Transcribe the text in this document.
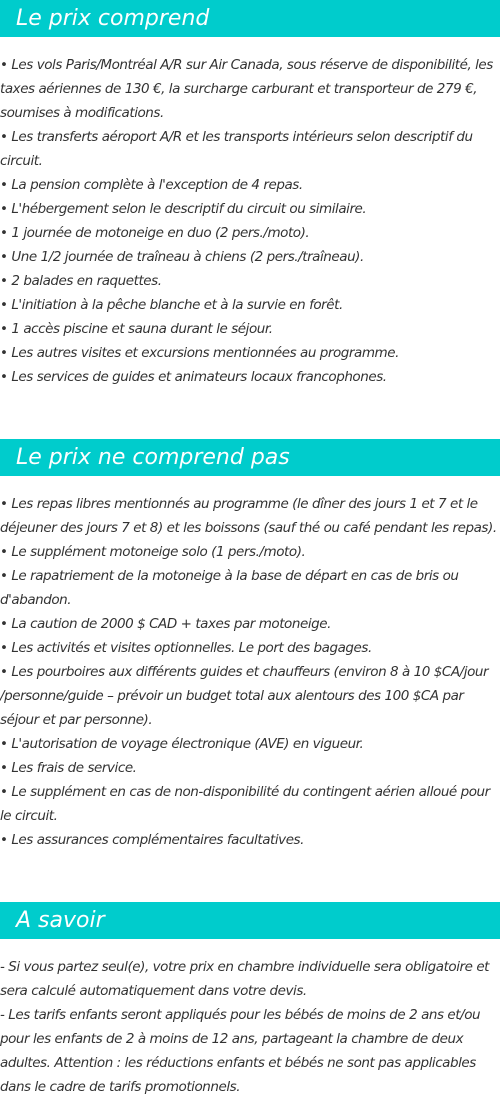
Le prix comprend
• Les vols Paris/Montréal A/R sur Air Canada, sous réserve de disponibilité, les taxes aériennes de 130 €, la surcharge carburant et transporteur de 279 €, soumises à modifications.
• Les transferts aéroport A/R et les transports intérieurs selon descriptif du circuit.
• La pension complète à l'exception de 4 repas.
• L'hébergement selon le descriptif du circuit ou similaire.
• 1 journée de motoneige en duo (2 pers./moto).
• Une 1/2 journée de traîneau à chiens (2 pers./traîneau).
• 2 balades en raquettes.
• L'initiation à la pêche blanche et à la survie en forêt.
• 1 accès piscine et sauna durant le séjour.
• Les autres visites et excursions mentionnées au programme.
• Les services de guides et animateurs locaux francophones.
Le prix ne comprend pas
• Les repas libres mentionnés au programme (le dîner des jours 1 et 7 et le déjeuner des jours 7 et 8) et les boissons (sauf thé ou café pendant les repas).
• Le supplément motoneige solo (1 pers./moto).
• Le rapatriement de la motoneige à la base de départ en cas de bris ou d'abandon.
• La caution de 2000 $ CAD + taxes par motoneige.
• Les activités et visites optionnelles. Le port des bagages.
• Les pourboires aux différents guides et chauffeurs (environ 8 à 10 $CA/jour /personne/guide – prévoir un budget total aux alentours des 100 $CA par séjour et par personne).
• L'autorisation de voyage électronique (AVE) en vigueur.
• Les frais de service.
• Le supplément en cas de non-disponibilité du contingent aérien alloué pour le circuit.
• Les assurances complémentaires facultatives.
A savoir
- Si vous partez seul(e), votre prix en chambre individuelle sera obligatoire et sera calculé automatiquement dans votre devis.
- Les tarifs enfants seront appliqués pour les bébés de moins de 2 ans et/ou pour les enfants de 2 à moins de 12 ans, partageant la chambre de deux adultes. Attention : les réductions enfants et bébés ne sont pas applicables dans le cadre de tarifs promotionnels.
